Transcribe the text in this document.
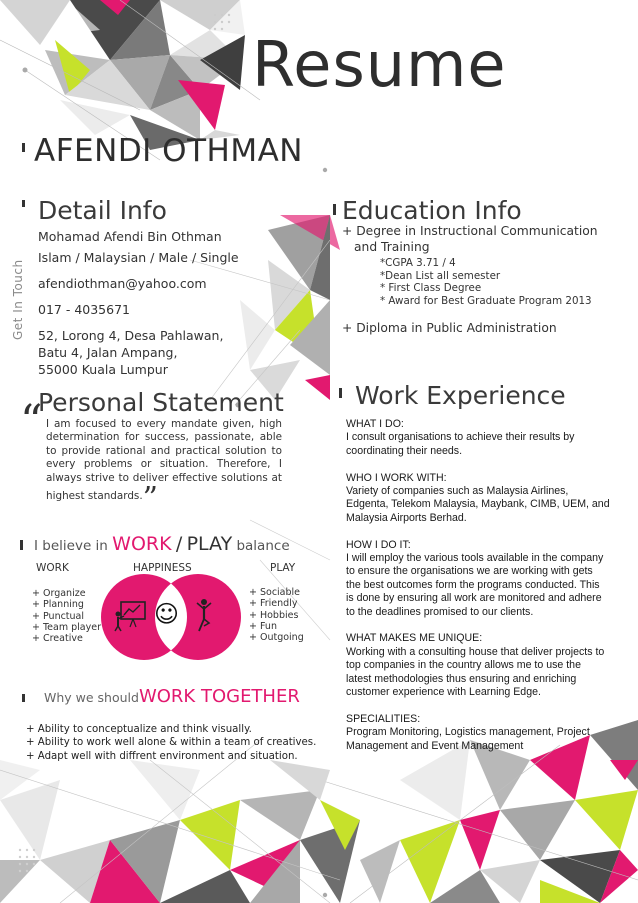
Resume
AFENDI OTHMAN
Detail Info
Get In Touch
Mohamad Afendi Bin Othman
Islam / Malaysian / Male / Single
afendiothman@yahoo.com
017 - 4035671
52, Lorong 4, Desa Pahlawan,
Batu 4, Jalan Ampang,
55000 Kuala Lumpur
Education Info
+ Degree in Instructional Communication
and Training
*CGPA 3.71 / 4
*Dean List all semester
* First Class Degree
* Award for Best Graduate Program 2013
+ Diploma in Public Administration
Personal Statement
“ I am focused to every mandate given, high
determination for success, passionate, able
to provide rational and practical solution to
every problems or situation. Therefore, I
always strive to deliver effective solutions at
highest standards.”
I believe in WORK / PLAY balance
WORK	HAPPINESS	PLAY
+ Organize
+ Planning
+ Punctual
+ Team player
+ Creative
+ Sociable
+ Friendly
+ Hobbies
+ Fun
+ Outgoing
☺
Why we shouldWORK TOGETHER
+ Ability to conceptualize and think visually.
+ Ability to work well alone & within a team of creatives.
+ Adapt well with diffrent environment and situation.
Work Experience
WHAT I DO:
I consult organisations to achieve their results by
coordinating their needs.
WHO I WORK WITH:
Variety of companies such as Malaysia Airlines,
Edgenta, Telekom Malaysia, Maybank, CIMB, UEM, and
Malaysia Airports Berhad.
HOW I DO IT:
I will employ the various tools available in the company
to ensure the organisations we are working with gets
the best outcomes form the programs conducted. This
is done by ensuring all work are monitored and adhere
to the deadlines promised to our clients.
WHAT MAKES ME UNIQUE:
Working with a consulting house that deliver projects to
top companies in the country allows me to use the
latest methodologies thus ensuring and enriching
customer experience with Learning Edge.
SPECIALITIES:
Program Monitoring, Logistics management, Project
Management and Event Management
